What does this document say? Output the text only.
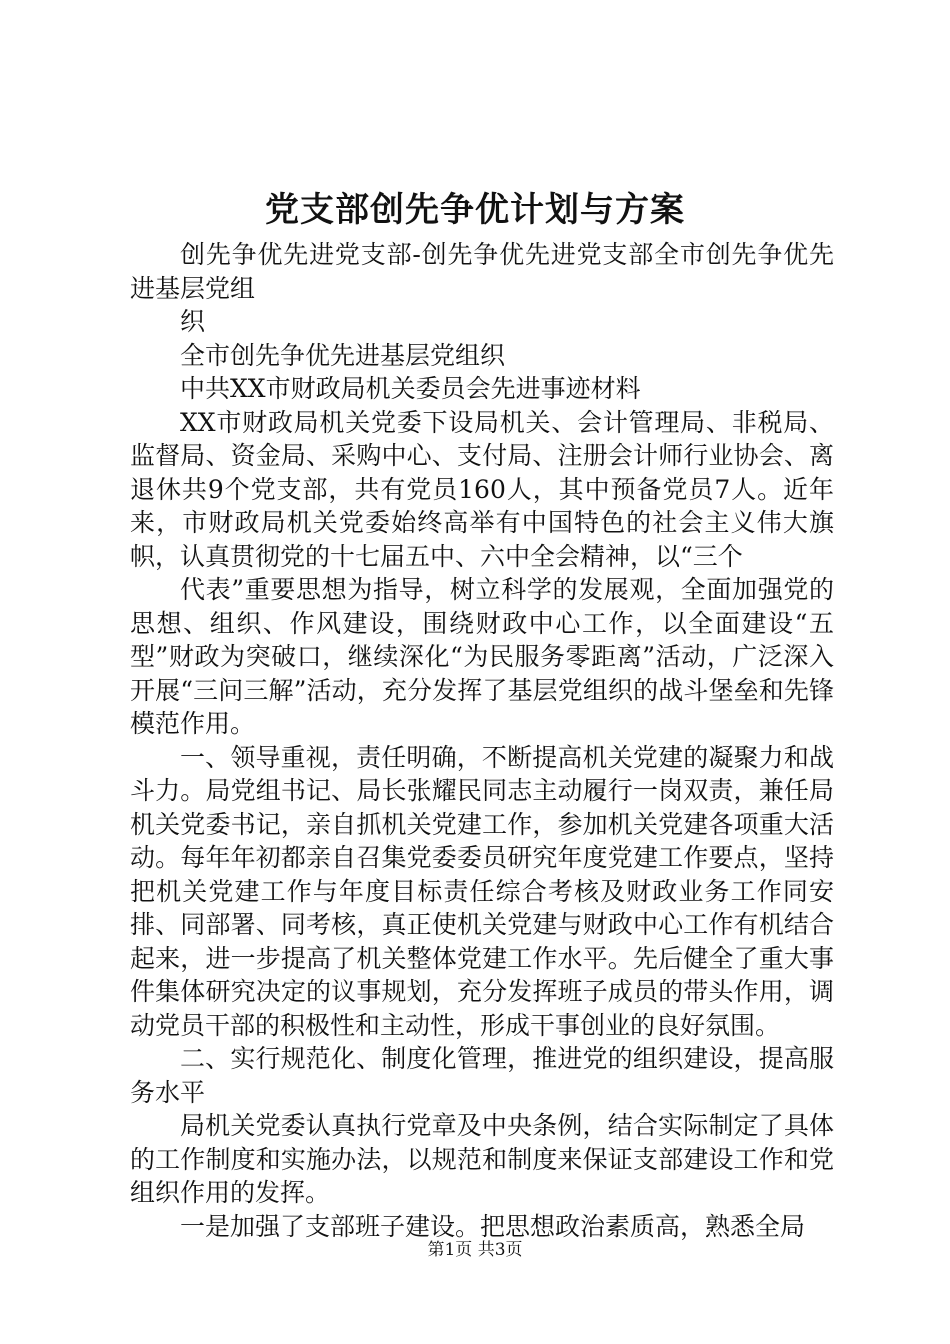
党支部创先争优计划与方案

创先争优先进党支部-创先争优先进党支部全市创先争优先进基层党组

织

全市创先争优先进基层党组织

中共XX市财政局机关委员会先进事迹材料

XX市财政局机关党委下设局机关、会计管理局、非税局、监督局、资金局、采购中心、支付局、注册会计师行业协会、离退休共9个党支部，共有党员160人，其中预备党员7人。近年来，市财政局机关党委始终高举有中国特色的社会主义伟大旗帜，认真贯彻党的十七届五中、六中全会精神，以“三个

代表”重要思想为指导，树立科学的发展观，全面加强党的思想、组织、作风建设，围绕财政中心工作，以全面建设“五型”财政为突破口，继续深化“为民服务零距离”活动，广泛深入开展“三问三解”活动，充分发挥了基层党组织的战斗堡垒和先锋模范作用。

一、领导重视，责任明确，不断提高机关党建的凝聚力和战斗力。局党组书记、局长张耀民同志主动履行一岗双责，兼任局机关党委书记，亲自抓机关党建工作，参加机关党建各项重大活动。每年年初都亲自召集党委委员研究年度党建工作要点，坚持把机关党建工作与年度目标责任综合考核及财政业务工作同安排、同部署、同考核，真正使机关党建与财政中心工作有机结合起来，进一步提高了机关整体党建工作水平。先后健全了重大事件集体研究决定的议事规划，充分发挥班子成员的带头作用，调动党员干部的积极性和主动性，形成干事创业的良好氛围。

二、实行规范化、制度化管理，推进党的组织建设，提高服务水平

局机关党委认真执行党章及中央条例，结合实际制定了具体的工作制度和实施办法，以规范和制度来保证支部建设工作和党组织作用的发挥。

一是加强了支部班子建设。把思想政治素质高，熟悉全局

第1页 共3页
